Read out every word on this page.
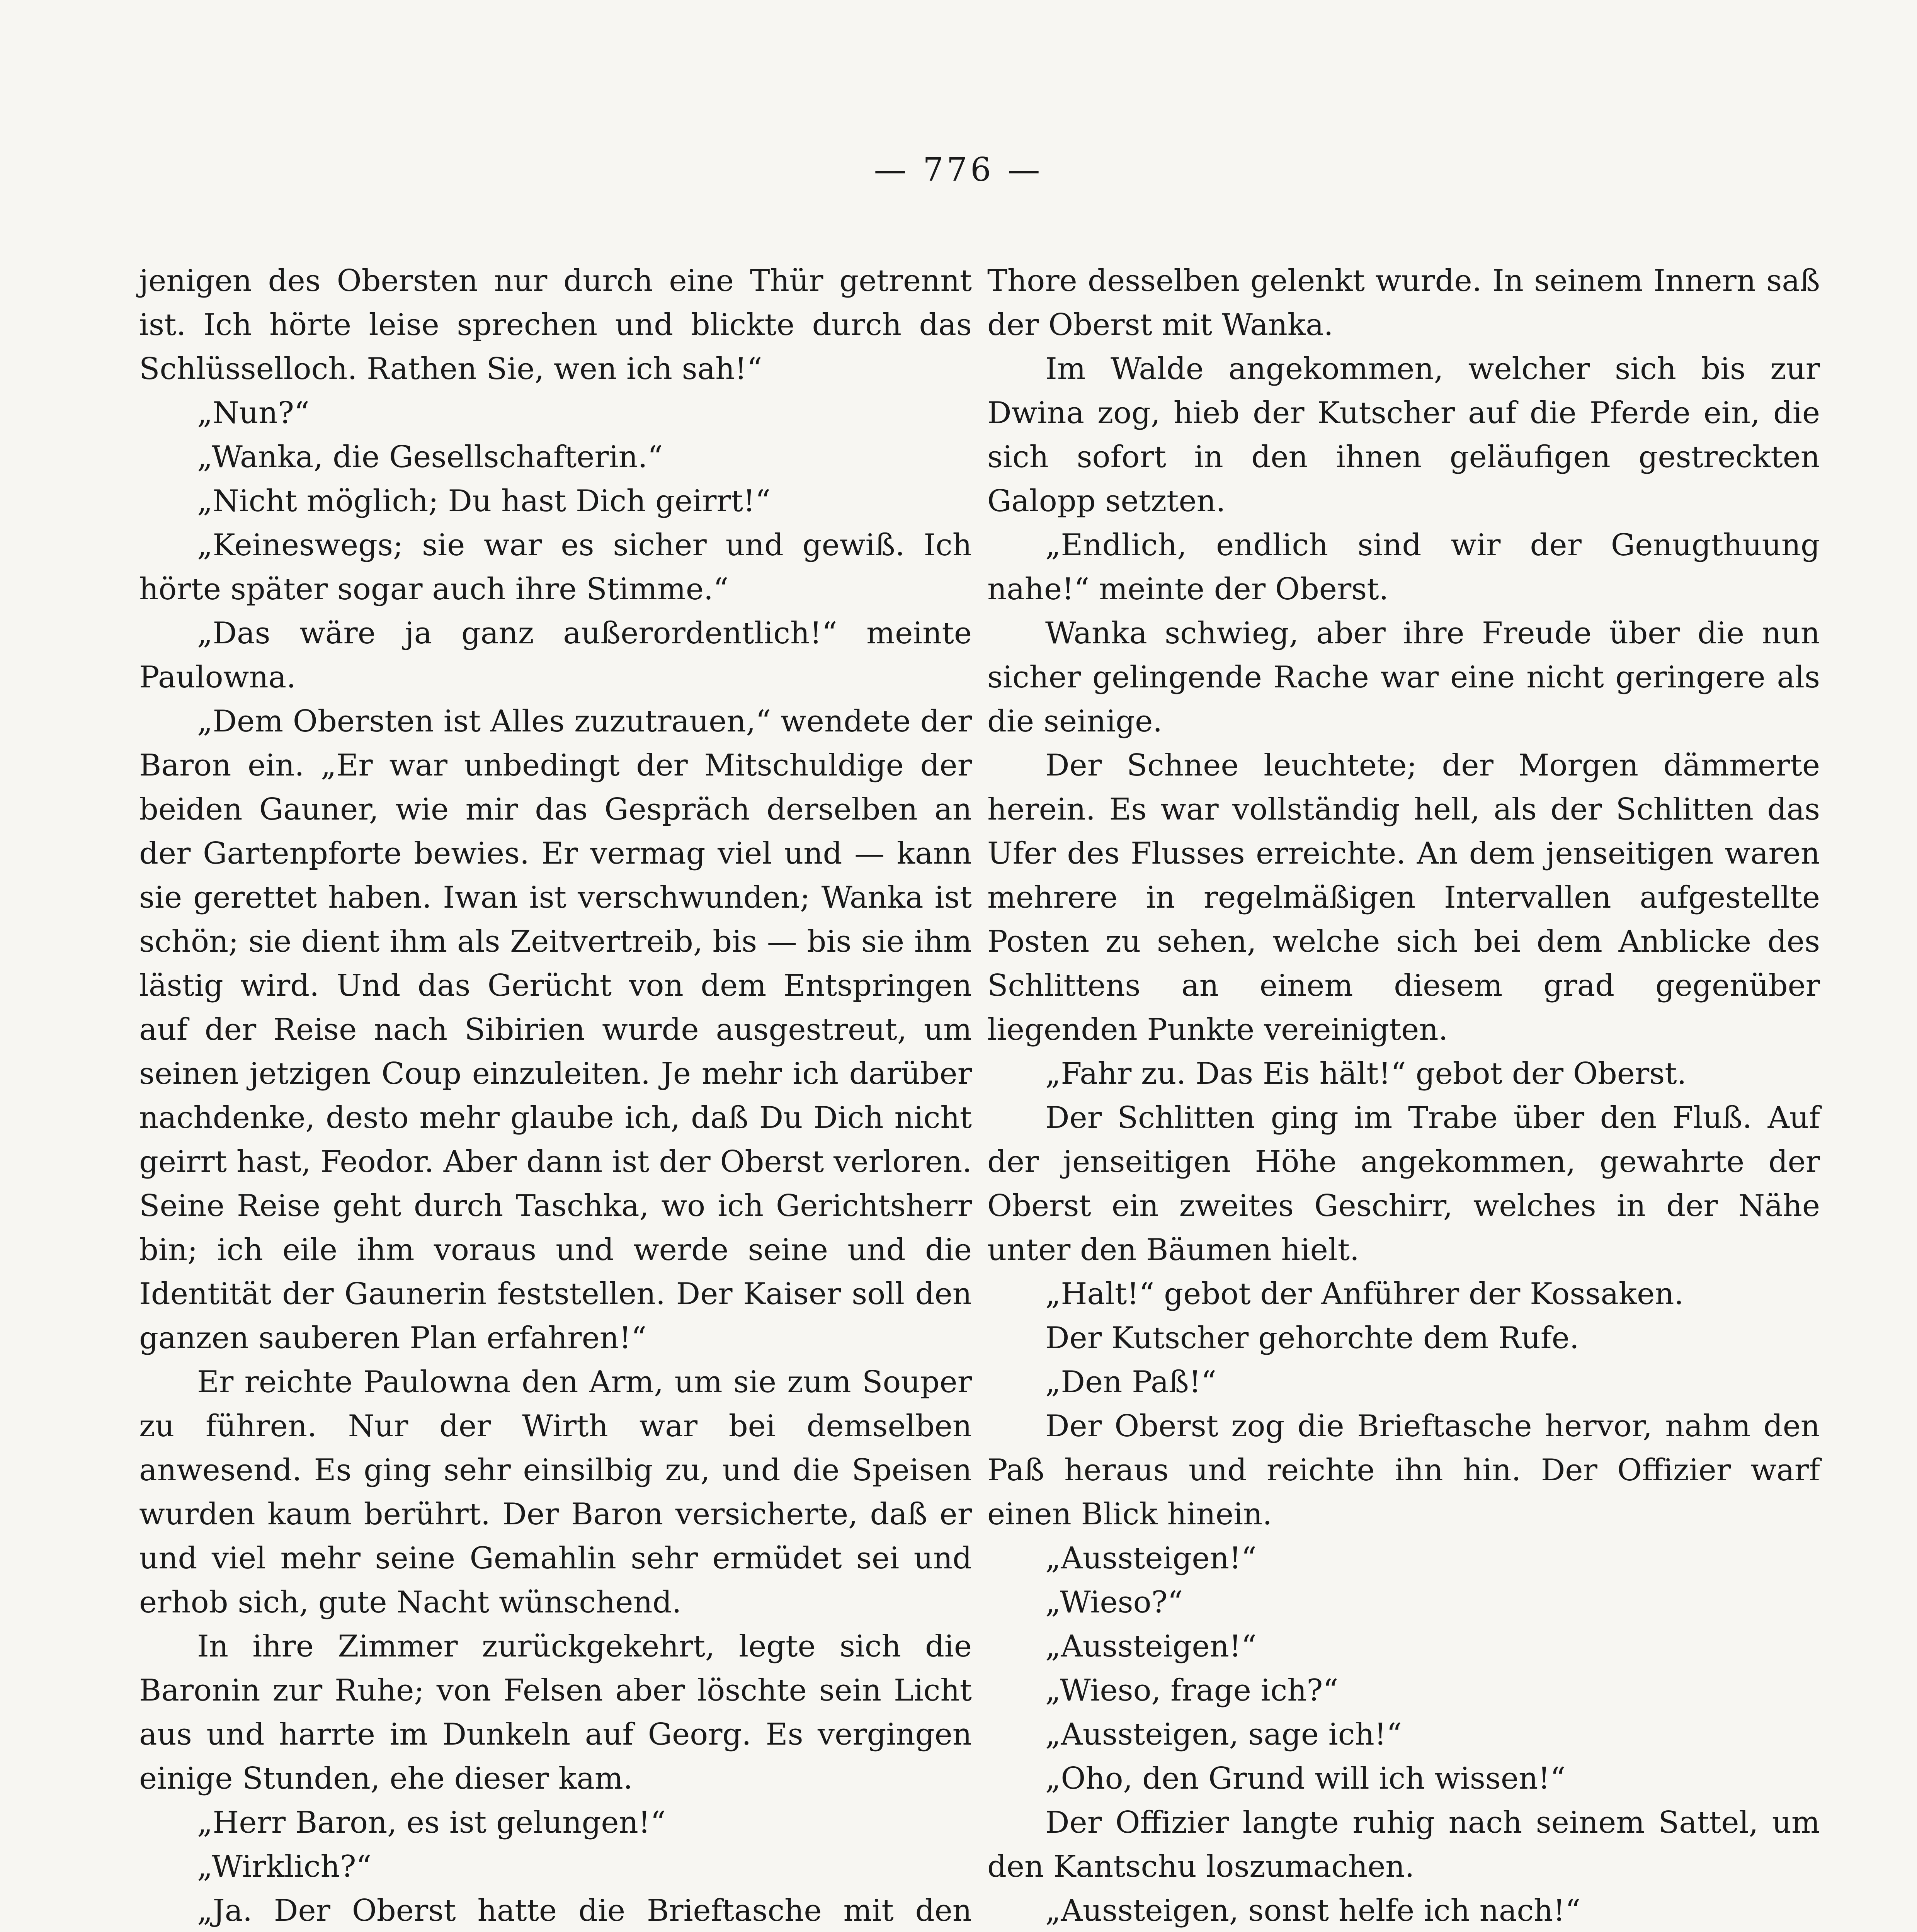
— 776 —

jenigen des Obersten nur durch eine Thür getrennt ist. Ich hörte leise sprechen und blickte durch das Schlüsselloch. Rathen Sie, wen ich sah!“

„Nun?“

„Wanka, die Gesellschafterin.“

„Nicht möglich; Du hast Dich geirrt!“

„Keineswegs; sie war es sicher und gewiß. Ich hörte später sogar auch ihre Stimme.“

„Das wäre ja ganz außerordentlich!“ meinte Paulowna.

„Dem Obersten ist Alles zuzutrauen,“ wendete der Baron ein. „Er war unbedingt der Mitschuldige der beiden Gauner, wie mir das Gespräch derselben an der Gartenpforte bewies. Er vermag viel und — kann sie gerettet haben. Iwan ist verschwunden; Wanka ist schön; sie dient ihm als Zeitvertreib, bis — bis sie ihm lästig wird. Und das Gerücht von dem Entspringen auf der Reise nach Sibirien wurde ausgestreut, um seinen jetzigen Coup einzuleiten. Je mehr ich darüber nachdenke, desto mehr glaube ich, daß Du Dich nicht geirrt hast, Feodor. Aber dann ist der Oberst verloren. Seine Reise geht durch Taschka, wo ich Gerichtsherr bin; ich eile ihm voraus und werde seine und die Identität der Gaunerin feststellen. Der Kaiser soll den ganzen sauberen Plan erfahren!“

Er reichte Paulowna den Arm, um sie zum Souper zu führen. Nur der Wirth war bei demselben anwesend. Es ging sehr einsilbig zu, und die Speisen wurden kaum berührt. Der Baron versicherte, daß er und viel mehr seine Gemahlin sehr ermüdet sei und erhob sich, gute Nacht wünschend.

In ihre Zimmer zurückgekehrt, legte sich die Baronin zur Ruhe; von Felsen aber löschte sein Licht aus und harrte im Dunkeln auf Georg. Es vergingen einige Stunden, ehe dieser kam.

„Herr Baron, es ist gelungen!“

„Wirklich?“

„Ja. Der Oberst hatte die Brieftasche mit den

Thore desselben gelenkt wurde. In seinem Innern saß der Oberst mit Wanka.

Im Walde angekommen, welcher sich bis zur Dwina zog, hieb der Kutscher auf die Pferde ein, die sich sofort in den ihnen geläufigen gestreckten Galopp setzten.

„Endlich, endlich sind wir der Genugthuung nahe!“ meinte der Oberst.

Wanka schwieg, aber ihre Freude über die nun sicher gelingende Rache war eine nicht geringere als die seinige.

Der Schnee leuchtete; der Morgen dämmerte herein. Es war vollständig hell, als der Schlitten das Ufer des Flusses erreichte. An dem jenseitigen waren mehrere in regelmäßigen Intervallen aufgestellte Posten zu sehen, welche sich bei dem Anblicke des Schlittens an einem diesem grad gegenüber liegenden Punkte vereinigten.

„Fahr zu. Das Eis hält!“ gebot der Oberst.

Der Schlitten ging im Trabe über den Fluß. Auf der jenseitigen Höhe angekommen, gewahrte der Oberst ein zweites Geschirr, welches in der Nähe unter den Bäumen hielt.

„Halt!“ gebot der Anführer der Kossaken.

Der Kutscher gehorchte dem Rufe.

„Den Paß!“

Der Oberst zog die Brieftasche hervor, nahm den Paß heraus und reichte ihn hin. Der Offizier warf einen Blick hinein.

„Aussteigen!“

„Wieso?“

„Aussteigen!“

„Wieso, frage ich?“

„Aussteigen, sage ich!“

„Oho, den Grund will ich wissen!“

Der Offizier langte ruhig nach seinem Sattel, um den Kantschu loszumachen.

„Aussteigen, sonst helfe ich nach!“
